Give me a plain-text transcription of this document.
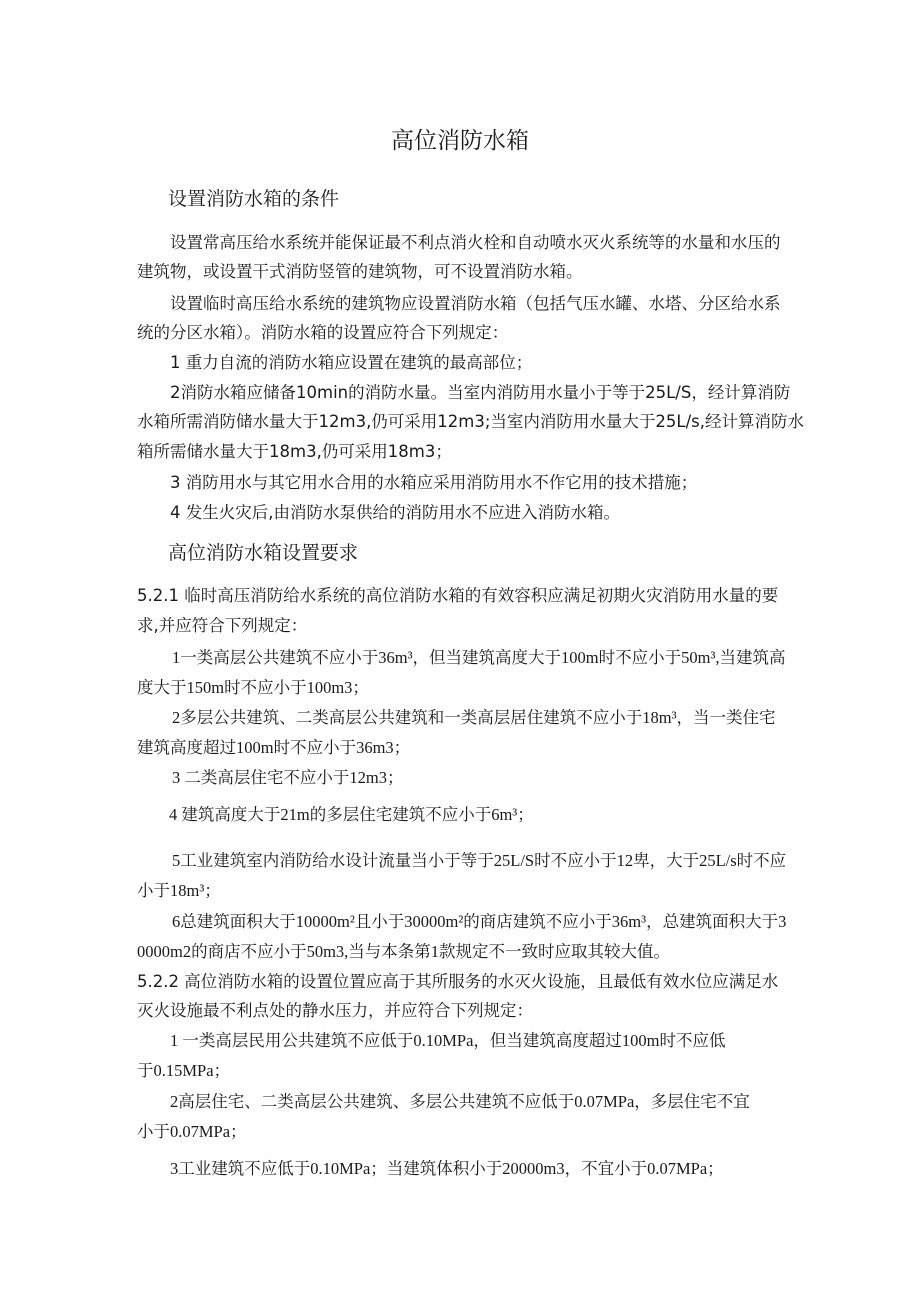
高位消防水箱
设置消防水箱的条件

设置常高压给水系统并能保证最不利点消火栓和自动喷水灭火系统等的水量和水压的

建筑物，或设置干式消防竖管的建筑物，可不设置消防水箱。

设置临时高压给水系统的建筑物应设置消防水箱（包括气压水罐、水塔、分区给水系

统的分区水箱）。消防水箱的设置应符合下列规定：

1 重力自流的消防水箱应设置在建筑的最高部位；

2消防水箱应储备10min的消防水量。当室内消防用水量小于等于25L/S，经计算消防

水箱所需消防储水量大于12m3,仍可采用12m3;当室内消防用水量大于25L/s,经计算消防水

箱所需储水量大于18m3,仍可采用18m3；

3 消防用水与其它用水合用的水箱应采用消防用水不作它用的技术措施；

4 发生火灾后,由消防水泵供给的消防用水不应进入消防水箱。

高位消防水箱设置要求

5.2.1 临时高压消防给水系统的高位消防水箱的有效容积应满足初期火灾消防用水量的要

求,并应符合下列规定：

1一类高层公共建筑不应小于36m³，但当建筑高度大于100m时不应小于50m³,当建筑高

度大于150m时不应小于100m3；

2多层公共建筑、二类高层公共建筑和一类高层居住建筑不应小于18m³，当一类住宅

建筑高度超过100m时不应小于36m3；

3 二类高层住宅不应小于12m3；

4 建筑高度大于21m的多层住宅建筑不应小于6m³；

5工业建筑室内消防给水设计流量当小于等于25L/S时不应小于12卑，大于25L/s时不应

小于18m³；

6总建筑面积大于10000m²且小于30000m²的商店建筑不应小于36m³，总建筑面积大于3

0000m2的商店不应小于50m3,当与本条第1款规定不一致时应取其较大值。

5.2.2 高位消防水箱的设置位置应高于其所服务的水灭火设施，且最低有效水位应满足水

灭火设施最不利点处的静水压力，并应符合下列规定：

1 一类高层民用公共建筑不应低于0.10MPa，但当建筑高度超过100m时不应低

于0.15MPa；

2高层住宅、二类高层公共建筑、多层公共建筑不应低于0.07MPa，多层住宅不宜

小于0.07MPa；

3工业建筑不应低于0.10MPa；当建筑体积小于20000m3，不宜小于0.07MPa；
